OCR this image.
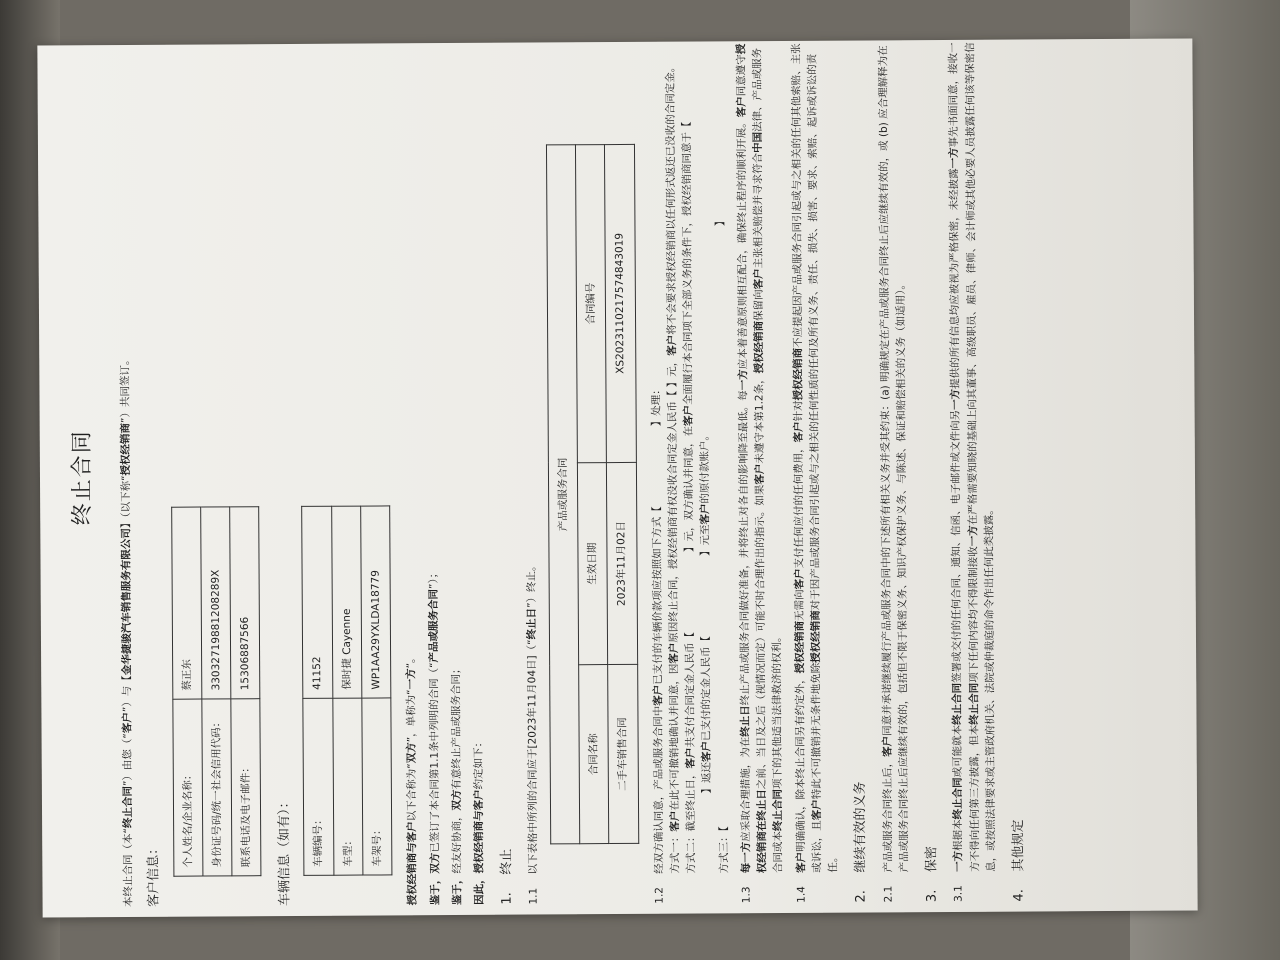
终止合同

本终止合同（本“终止合同”）由您（“客户”）与【金华捷骏汽车销售服务有限公司】（以下称“授权经销商”）共同签订。

客户信息：
个人姓名/企业名称：	蔡正东
身份证号码/统一社会信用代码：	33032719881208289X
联系电话及电子邮件：	15306887566
车辆信息（如有）： 车辆编号：	41152
车型：	保时捷 Cayenne
车架号：	WP1AA29YXLDA18779

授权经销商与客户以下合称为“双方”，单称为“一方”。

鉴于，双方已签订了本合同第1.1条中列明的合同（“产品或服务合同”）；

鉴于，经友好协商，双方有意终止产品或服务合同；

因此，授权经销商与客户约定如下：

1.终止
1.1
以下表格中所列的合同应于[2023年11月04日]（“终止日”）终止。
产品或服务合同		
合同名称	生效日期	合同编号
二手车销售合同	2023年11月02日	XS2023110217574843019
1.2
经双方确认同意，产品或服务合同中客户已支付的车辆价款项应按照如下方式【】处理：
方式一：客户在此不可撤销地确认并同意，因客户原因终止合同，授权经销商有权没收合同定金人民币【 】元，客户将不会要求授权经销商以任何形式返还已没收的合同定金。
方式二：截至终止日，客户共支付合同定金人民币【】元，双方确认并同意，在客户全面履行本合同项下全部义务的条件下，授权经销商同意于【】返还客户已支付的定金人民币【】元至客户的原付款账户。
方式三：【】
1.3
每一方应采取合理措施，为在终止日终止产品或服务合同做好准备，并将终止对各自的影响降至最低。每一方应本着善意原则相互配合，确保终止程序的顺利开展。客户同意遵守授权经销商在终止日之前、当日及之后（视情况而定）可能不时合理作出的指示。如果客户未遵守本第1.2条，授权经销商保留向客户主张相关赔偿并寻求符合中国法律、产品或服务合同或本终止合同项下的其他适当法律救济的权利。
1.4
客户明确确认，除本终止合同另有约定外，授权经销商无需向客户支付任何应付的任何费用，客户针对授权经销商不应提起因产品或服务合同引起或与之相关的任何其他索赔、主张或诉讼，且客户特此不可撤销并无条件地免除授权经销商对于因产品或服务合同引起或与之相关的任何性质的任何及所有义务、责任、损失、损害、要求、索赔、起诉或诉讼的责任。
2.继续有效的义务
2.1
产品或服务合同终止后，客户同意并承诺继续履行产品或服务合同中的下述所有相关义务并受其约束：(a) 明确规定在产品或服务合同终止后应继续有效的，或 (b) 应合理解释为在产品或服务合同终止后应继续有效的，包括但不限于保密义务、知识产权保护义务、与陈述、保证和赔偿相关的义务（如适用）。
3.保密
3.1
一方根据本终止合同或可能就本终止合同签署或交付的任何合同、通知、信函、电子邮件或文件向另一方提供的所有信息均应被视为严格保密，未经披露一方事先书面同意，接收一方不得向任何第三方披露，但本终止合同项下任何内容均不得限制接收一方在严格需要知晓的基础上向其董事、高级职员、雇员、律师、会计师或其他必要人员披露任何该等保密信息，或按照法律要求或主管政府机关、法院或仲裁庭的命令作出任何此类披露。
4.其他规定
